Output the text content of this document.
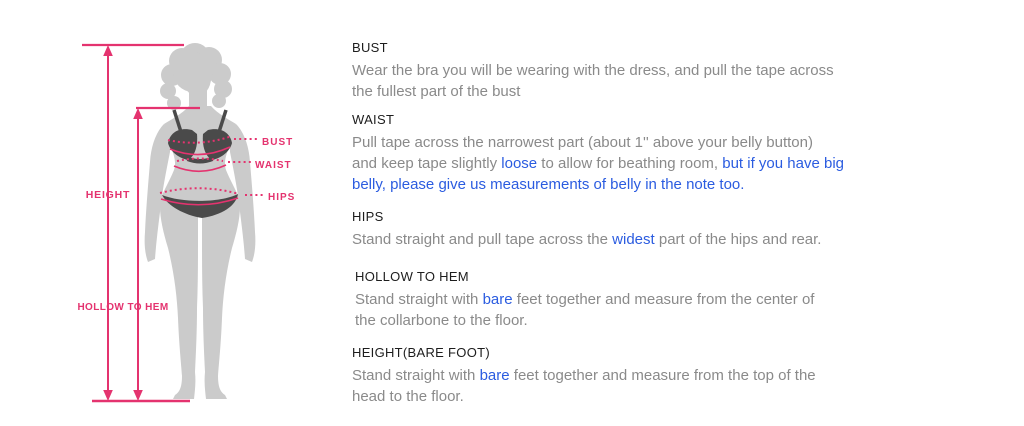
HEIGHT
HOLLOW TO HEM
BUST
WAIST
HIPS
BUST
Wear the bra you will be wearing with the dress, and pull the tape across
the fullest part of the bust
WAIST
Pull tape across the narrowest part (about 1'' above your belly button)
and keep tape slightly loose to allow for beathing room, but if you have big
belly, please give us measurements of belly in the note too.
HIPS
Stand straight and pull tape across the widest part of the hips and rear.
HOLLOW TO HEM
Stand straight with bare feet together and measure from the center of
the collarbone to the floor.
HEIGHT(BARE FOOT)
Stand straight with bare feet together and measure from the top of the
head to the floor.
